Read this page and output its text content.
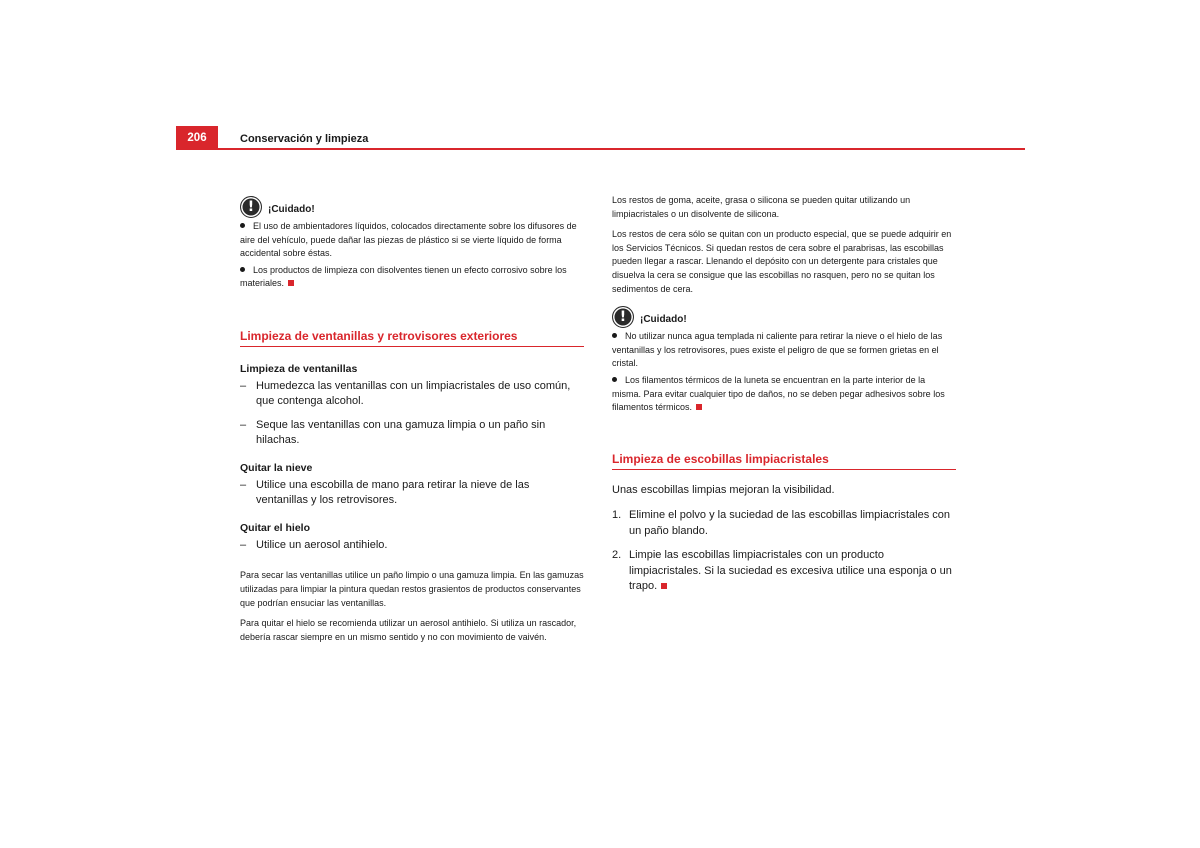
206	Conservación y limpieza
!	¡Cuidado!

El uso de ambientadores líquidos, colocados directamente sobre los difusores de aire del vehículo, puede dañar las piezas de plástico si se vierte líquido de forma accidental sobre éstas.

Los productos de limpieza con disolventes tienen un efecto corrosivo sobre los materiales.

Limpieza de ventanillas y retrovisores exteriores
Limpieza de ventanillas
– Humedezca las ventanillas con un limpiacristales de uso común, que contenga alcohol.
– Seque las ventanillas con una gamuza limpia o un paño sin hilachas.
Quitar la nieve
– Utilice una escobilla de mano para retirar la nieve de las ventanillas y los retrovisores.
Quitar el hielo
– Utilice un aerosol antihielo.

Para secar las ventanillas utilice un paño limpio o una gamuza limpia. En las gamuzas utilizadas para limpiar la pintura quedan restos grasientos de productos conservantes que podrían ensuciar las ventanillas.

Para quitar el hielo se recomienda utilizar un aerosol antihielo. Si utiliza un rascador, debería rascar siempre en un mismo sentido y no con movimiento de vaivén.

Los restos de goma, aceite, grasa o silicona se pueden quitar utilizando un limpiacristales o un disolvente de silicona.

Los restos de cera sólo se quitan con un producto especial, que se puede adquirir en los Servicios Técnicos. Si quedan restos de cera sobre el parabrisas, las escobillas pueden llegar a rascar. Llenando el depósito con un detergente para cristales que disuelva la cera se consigue que las escobillas no rasquen, pero no se quitan los sedimentos de cera.

!	¡Cuidado!

No utilizar nunca agua templada ni caliente para retirar la nieve o el hielo de las ventanillas y los retrovisores, pues existe el peligro de que se formen grietas en el cristal.

Los filamentos térmicos de la luneta se encuentran en la parte interior de la misma. Para evitar cualquier tipo de daños, no se deben pegar adhesivos sobre los filamentos térmicos.

Limpieza de escobillas limpiacristales
Unas escobillas limpias mejoran la visibilidad.
1. Elimine el polvo y la suciedad de las escobillas limpiacristales con un paño blando.
2. Limpie las escobillas limpiacristales con un producto limpiacristales. Si la suciedad es excesiva utilice una esponja o un trapo.
